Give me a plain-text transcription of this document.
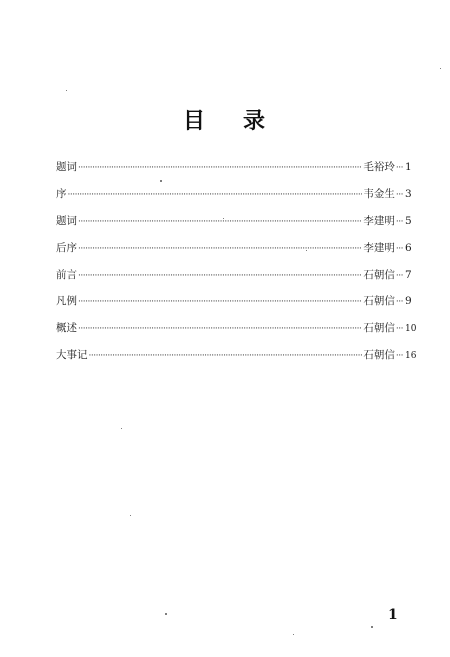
目 录
题词 ·····	毛裕玲 ··· 1
序 ·····	韦金生 ··· 3
题词 ·····	李建明 ··· 5
后序 ·····	李建明 ··· 6
前言 ·····	石朝信 ··· 7
凡例 ·····	石朝信 ··· 9
概述 ·····	石朝信 ··· 10
大事记 ·····	石朝信 ··· 16
1
